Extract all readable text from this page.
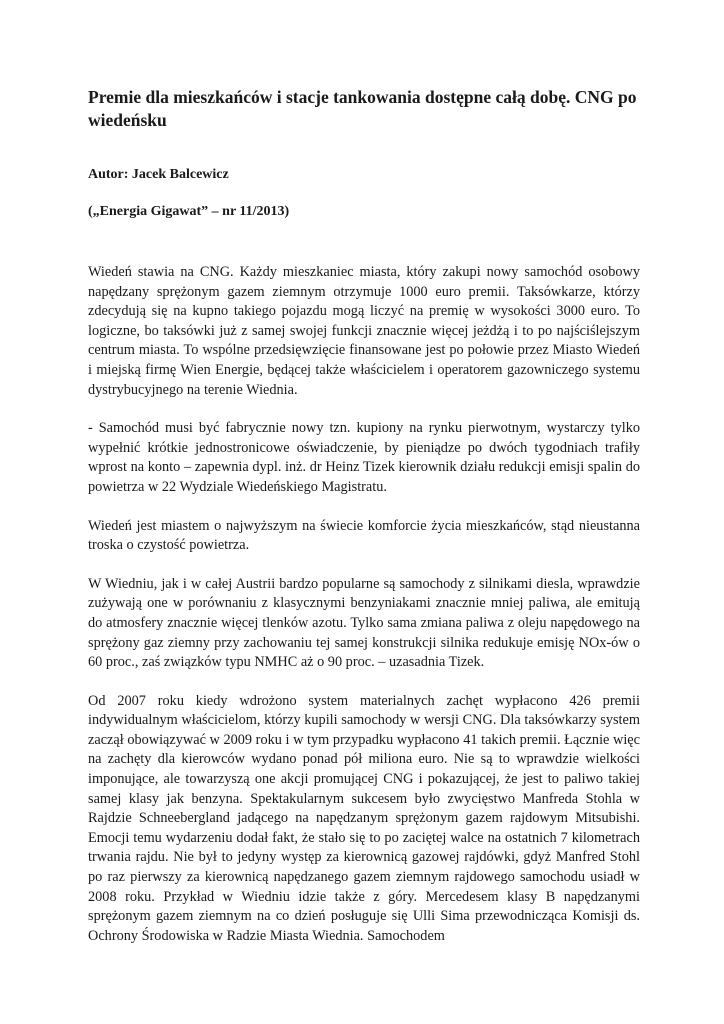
Premie dla mieszkańców i stacje tankowania dostępne całą dobę. CNG po wiedeńsku

Autor: Jacek Balcewicz

(„Energia Gigawat” – nr 11/2013)

Wiedeń stawia na CNG. Każdy mieszkaniec miasta, który zakupi nowy samochód osobowy napędzany sprężonym gazem ziemnym otrzymuje 1000 euro premii. Taksówkarze, którzy zdecydują się na kupno takiego pojazdu mogą liczyć na premię w wysokości 3000 euro. To logiczne, bo taksówki już z samej swojej funkcji znacznie więcej jeżdżą i to po najściślejszym centrum miasta. To wspólne przedsięwzięcie finansowane jest po połowie przez Miasto Wiedeń i miejską firmę Wien Energie, będącej także właścicielem i operatorem gazowniczego systemu dystrybucyjnego na terenie Wiednia.

- Samochód musi być fabrycznie nowy tzn. kupiony na rynku pierwotnym, wystarczy tylko wypełnić krótkie jednostronicowe oświadczenie, by pieniądze po dwóch tygodniach trafiły wprost na konto – zapewnia dypl. inż. dr Heinz Tizek kierownik działu redukcji emisji spalin do powietrza w 22 Wydziale Wiedeńskiego Magistratu.

Wiedeń jest miastem o najwyższym na świecie komforcie życia mieszkańców, stąd nieustanna troska o czystość powietrza.

W Wiedniu, jak i w całej Austrii bardzo popularne są samochody z silnikami diesla, wprawdzie zużywają one w porównaniu z klasycznymi benzyniakami znacznie mniej paliwa, ale emitują do atmosfery znacznie więcej tlenków azotu. Tylko sama zmiana paliwa z oleju napędowego na sprężony gaz ziemny przy zachowaniu tej samej konstrukcji silnika redukuje emisję NOx-ów o 60 proc., zaś związków typu NMHC aż o 90 proc. – uzasadnia Tizek.

Od 2007 roku kiedy wdrożono system materialnych zachęt wypłacono 426 premii indywidualnym właścicielom, którzy kupili samochody w wersji CNG. Dla taksówkarzy system zaczął obowiązywać w 2009 roku i w tym przypadku wypłacono 41 takich premii. Łącznie więc na zachęty dla kierowców wydano ponad pół miliona euro. Nie są to wprawdzie wielkości imponujące, ale towarzyszą one akcji promującej CNG i pokazującej, że jest to paliwo takiej samej klasy jak benzyna. Spektakularnym sukcesem było zwycięstwo Manfreda Stohla w Rajdzie Schneebergland jadącego na napędzanym sprężonym gazem rajdowym Mitsubishi. Emocji temu wydarzeniu dodał fakt, że stało się to po zaciętej walce na ostatnich 7 kilometrach trwania rajdu. Nie był to jedyny występ za kierownicą gazowej rajdówki, gdyż Manfred Stohl po raz pierwszy za kierownicą napędzanego gazem ziemnym rajdowego samochodu usiadł w 2008 roku. Przykład w Wiedniu idzie także z góry. Mercedesem klasy B napędzanymi sprężonym gazem ziemnym na co dzień posługuje się Ulli Sima przewodnicząca Komisji ds. Ochrony Środowiska w Radzie Miasta Wiednia. Samochodem
